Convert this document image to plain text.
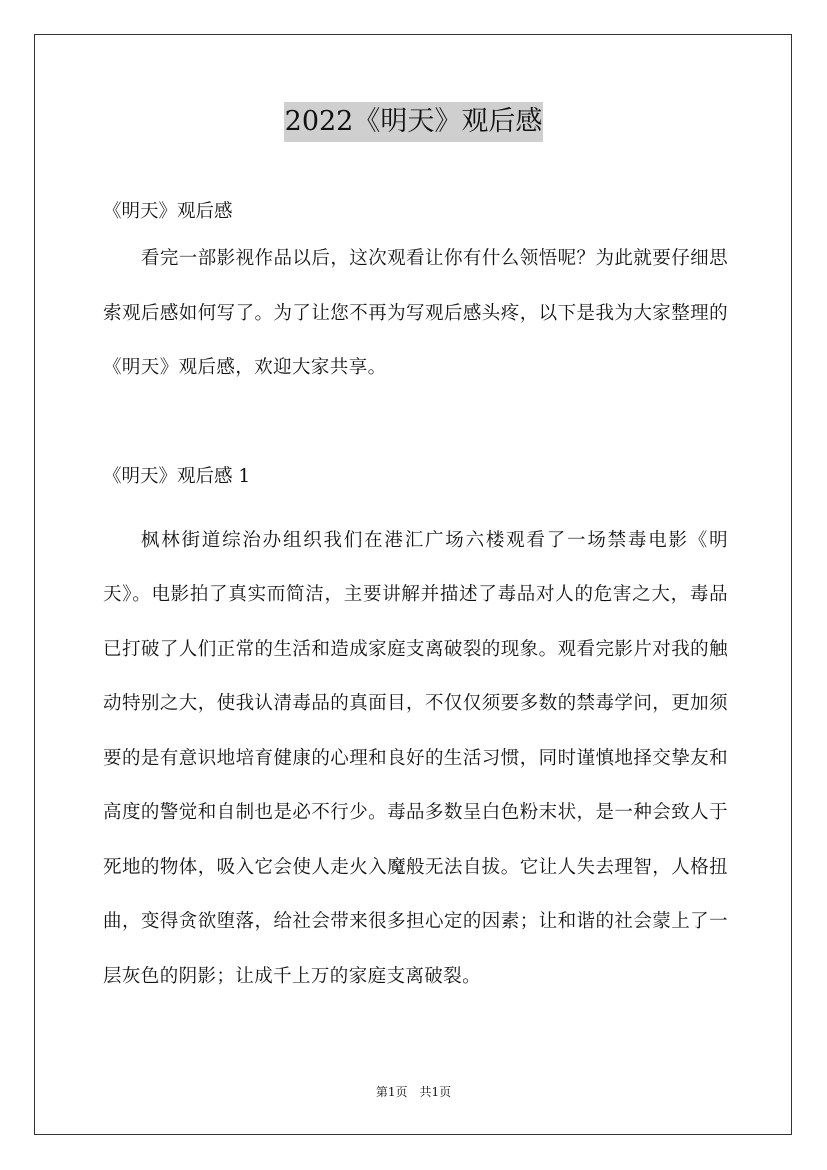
2022《明天》观后感

《明天》观后感

看完一部影视作品以后，这次观看让你有什么领悟呢？为此就要仔细思索观后感如何写了。为了让您不再为写观后感头疼，以下是我为大家整理的《明天》观后感，欢迎大家共享。

《明天》观后感 1

枫林街道综治办组织我们在港汇广场六楼观看了一场禁毒电影《明天》。电影拍了真实而简洁，主要讲解并描述了毒品对人的危害之大，毒品已打破了人们正常的生活和造成家庭支离破裂的现象。观看完影片对我的触动特别之大，使我认清毒品的真面目，不仅仅须要多数的禁毒学问，更加须要的是有意识地培育健康的心理和良好的生活习惯，同时谨慎地择交挚友和高度的警觉和自制也是必不行少。毒品多数呈白色粉末状，是一种会致人于死地的物体，吸入它会使人走火入魔般无法自拔。它让人失去理智，人格扭曲，变得贪欲堕落，给社会带来很多担心定的因素；让和谐的社会蒙上了一层灰色的阴影；让成千上万的家庭支离破裂。

第1页　共1页
